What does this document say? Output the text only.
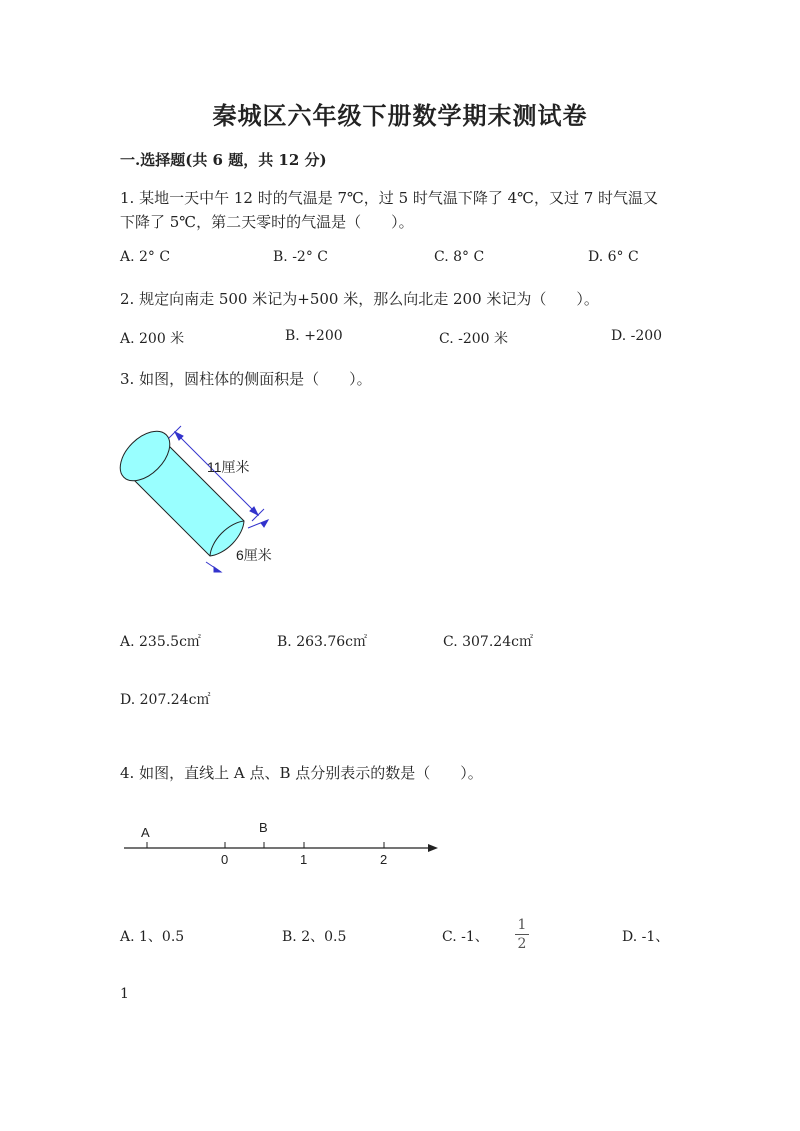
秦城区六年级下册数学期末测试卷
一.选择题(共 6 题，共 12 分)
1. 某地一天中午 12 时的气温是 7℃，过 5 时气温下降了 4℃，又过 7 时气温又
下降了 5℃，第二天零时的气温是（　　）。
A. 2° C	B. -2° C	C. 8° C	D. 6° C
2. 规定向南走 500 米记为+500 米，那么向北走 200 米记为（　　）。
A. 200 米	B. +200	C. -200 米	D. -200
3. 如图，圆柱体的侧面积是（　　）。
11厘米
6厘米
A. 235.5c㎡	B. 263.76c㎡	C. 307.24c㎡
D. 207.24c㎡
4. 如图，直线上 A 点、B 点分别表示的数是（　　）。
A	B
0	1	2
A. 1、0.5	B. 2、0.5	C. -1、
1
2	D. -1、
1
